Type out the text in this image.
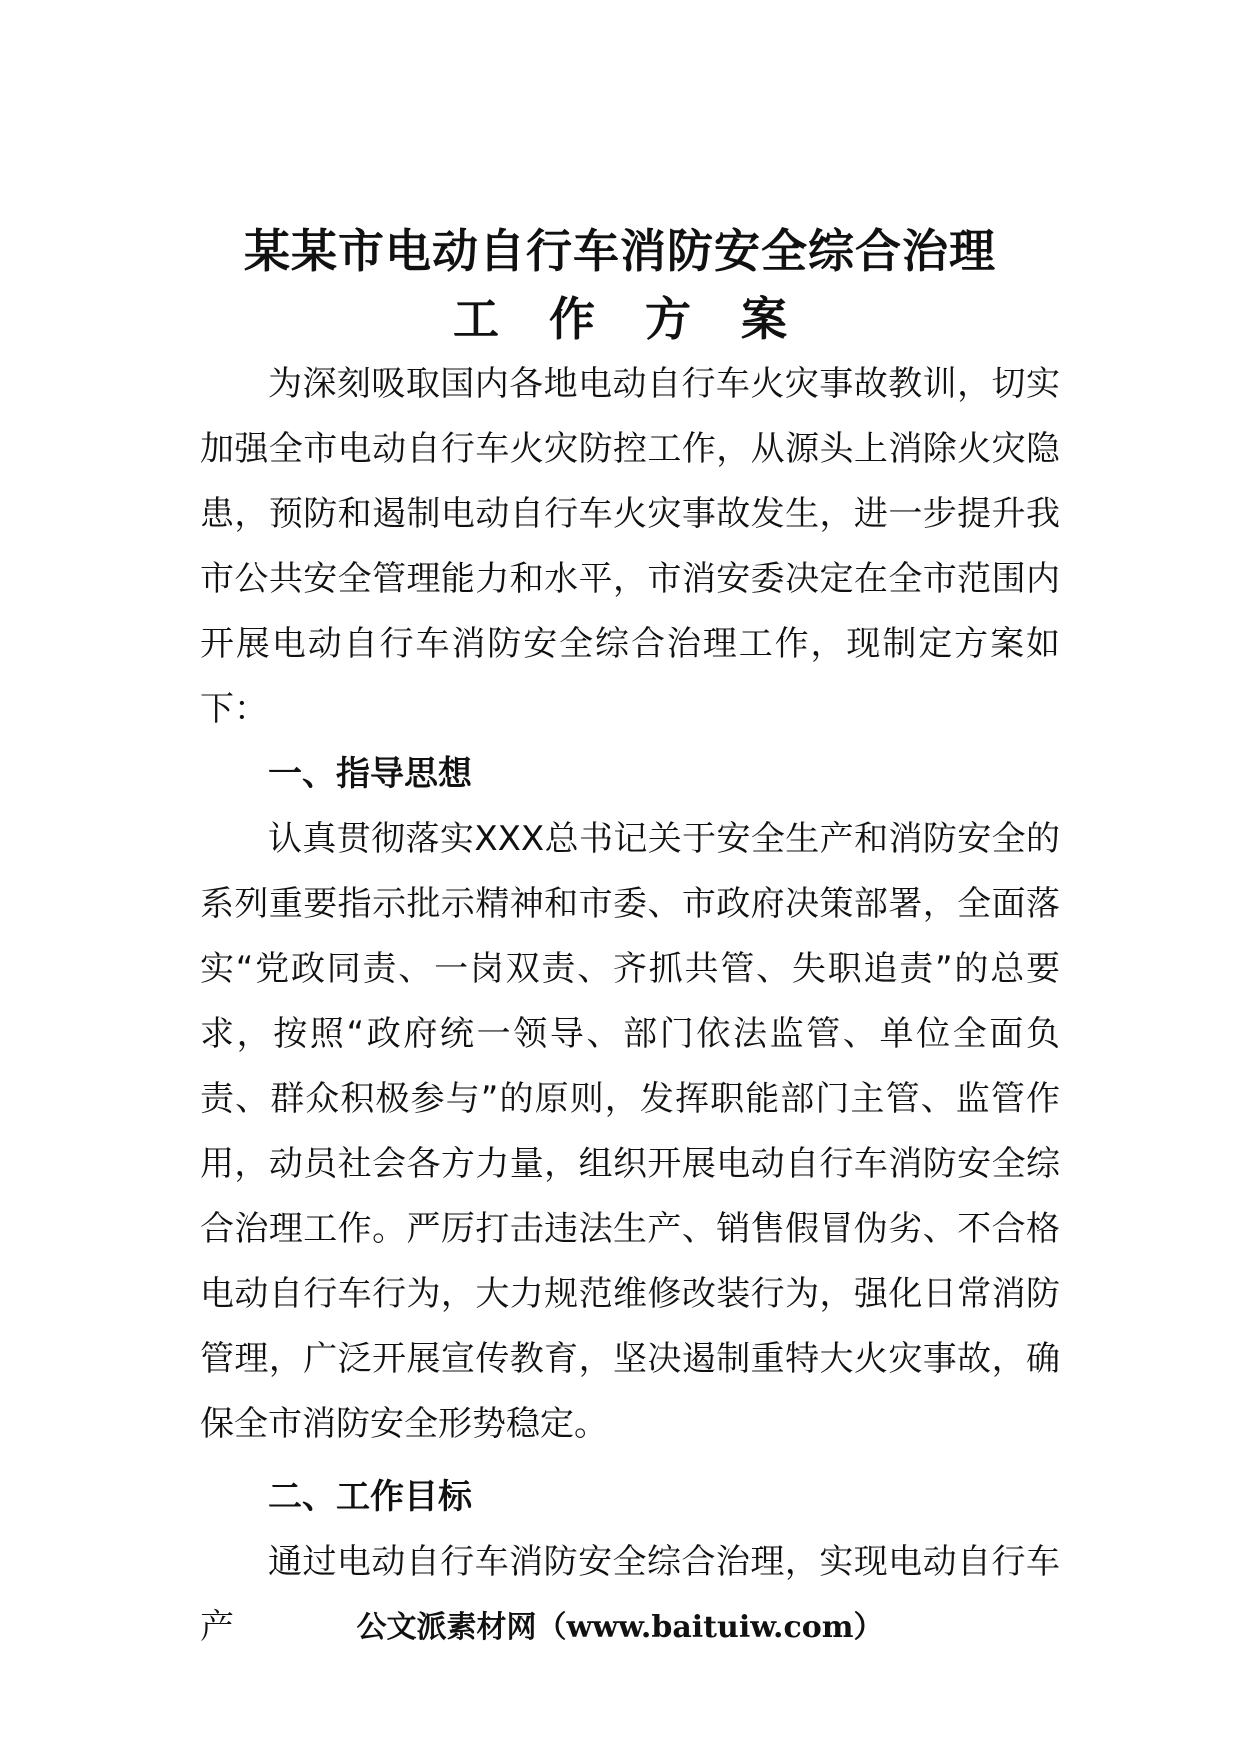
某某市电动自行车消防安全综合治理
工作方案

为深刻吸取国内各地电动自行车火灾事故教训，切实加强全市电动自行车火灾防控工作，从源头上消除火灾隐患，预防和遏制电动自行车火灾事故发生，进一步提升我市公共安全管理能力和水平，市消安委决定在全市范围内开展电动自行车消防安全综合治理工作，现制定方案如下：

一、指导思想

认真贯彻落实XXX总书记关于安全生产和消防安全的系列重要指示批示精神和市委、市政府决策部署，全面落实“党政同责、一岗双责、齐抓共管、失职追责”的总要求，按照“政府统一领导、部门依法监管、单位全面负责、群众积极参与”的原则，发挥职能部门主管、监管作用，动员社会各方力量，组织开展电动自行车消防安全综合治理工作。严厉打击违法生产、销售假冒伪劣、不合格电动自行车行为，大力规范维修改装行为，强化日常消防管理，广泛开展宣传教育，坚决遏制重特大火灾事故，确保全市消防安全形势稳定。

二、工作目标

通过电动自行车消防安全综合治理，实现电动自行车产	公文派素材网（www.baituiw.com）
